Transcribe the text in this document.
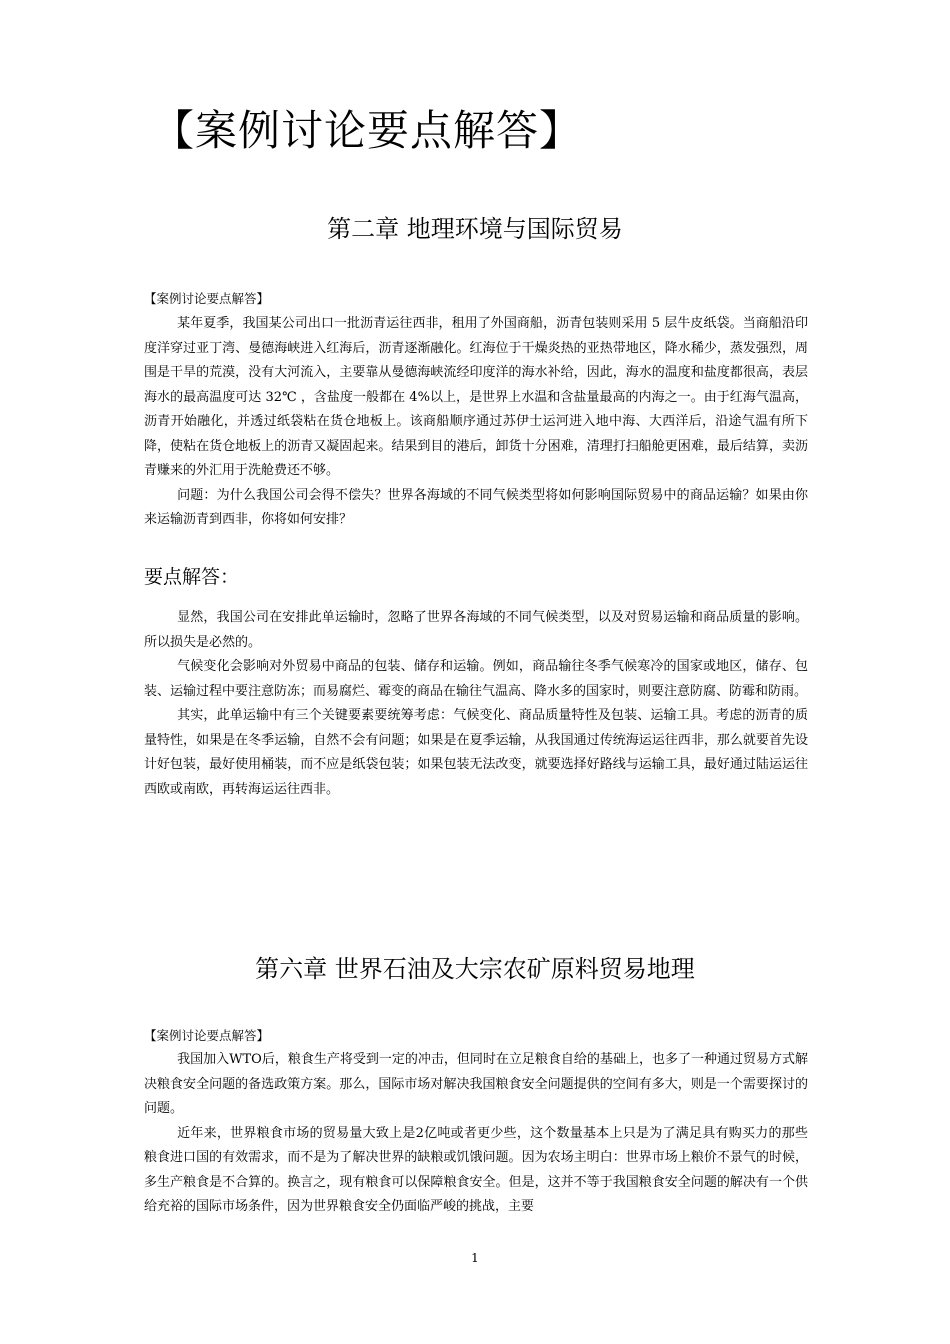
【案例讨论要点解答】
第二章 地理环境与国际贸易
【案例讨论要点解答】

某年夏季，我国某公司出口一批沥青运往西非，租用了外国商船，沥青包装则采用 5 层牛皮纸袋。当商船沿印度洋穿过亚丁湾、曼德海峡进入红海后，沥青逐渐融化。红海位于干燥炎热的亚热带地区，降水稀少，蒸发强烈，周围是干旱的荒漠，没有大河流入，主要靠从曼德海峡流经印度洋的海水补给，因此，海水的温度和盐度都很高，表层海水的最高温度可达 32℃ ，含盐度一般都在 4%以上，是世界上水温和含盐量最高的内海之一。由于红海气温高，沥青开始融化，并透过纸袋粘在货仓地板上。该商船顺序通过苏伊士运河进入地中海、大西洋后，沿途气温有所下降，使粘在货仓地板上的沥青又凝固起来。结果到目的港后，卸货十分困难，清理打扫船舱更困难，最后结算，卖沥青赚来的外汇用于洗舱费还不够。

问题：为什么我国公司会得不偿失？世界各海域的不同气候类型将如何影响国际贸易中的商品运输？如果由你来运输沥青到西非，你将如何安排？

要点解答：

显然，我国公司在安排此单运输时，忽略了世界各海域的不同气候类型，以及对贸易运输和商品质量的影响。所以损失是必然的。

气候变化会影响对外贸易中商品的包装、储存和运输。例如，商品输往冬季气候寒冷的国家或地区，储存、包装、运输过程中要注意防冻；而易腐烂、霉变的商品在输往气温高、降水多的国家时，则要注意防腐、防霉和防雨。

其实，此单运输中有三个关键要素要统筹考虑：气候变化、商品质量特性及包装、运输工具。考虑的沥青的质量特性，如果是在冬季运输，自然不会有问题；如果是在夏季运输，从我国通过传统海运运往西非，那么就要首先设计好包装，最好使用桶装，而不应是纸袋包装；如果包装无法改变，就要选择好路线与运输工具，最好通过陆运运往西欧或南欧，再转海运运往西非。

第六章 世界石油及大宗农矿原料贸易地理
【案例讨论要点解答】

我国加入WTO后，粮食生产将受到一定的冲击，但同时在立足粮食自给的基础上，也多了一种通过贸易方式解决粮食安全问题的备选政策方案。那么，国际市场对解决我国粮食安全问题提供的空间有多大，则是一个需要探讨的问题。

近年来，世界粮食市场的贸易量大致上是2亿吨或者更少些，这个数量基本上只是为了满足具有购买力的那些粮食进口国的有效需求，而不是为了解决世界的缺粮或饥饿问题。因为农场主明白：世界市场上粮价不景气的时候，多生产粮食是不合算的。换言之，现有粮食可以保障粮食安全。但是，这并不等于我国粮食安全问题的解决有一个供给充裕的国际市场条件，因为世界粮食安全仍面临严峻的挑战，主要

1
